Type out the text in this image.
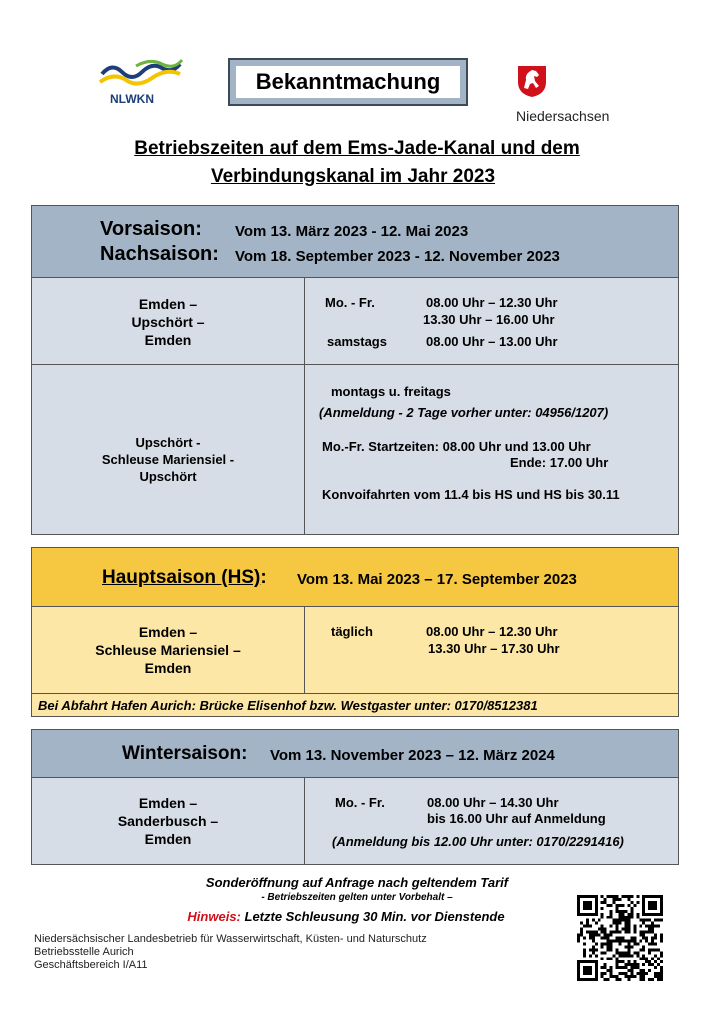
NLWKN
Bekanntmachung
Niedersachsen
Betriebszeiten auf dem Ems-Jade-Kanal und dem
Verbindungskanal im Jahr 2023
Vorsaison: Vom 13. März 2023 - 12. Mai 2023
Nachsaison: Vom 18. September 2023 - 12. November 2023
Emden –
Upschört –
Emden
Mo. - Fr.	08.00 Uhr – 12.30 Uhr
13.30 Uhr – 16.00 Uhr
samstags	08.00 Uhr – 13.00 Uhr
Upschört -
Schleuse Mariensiel -
Upschört
montags u. freitags
(Anmeldung - 2 Tage vorher unter: 04956/1207)
Mo.-Fr. Startzeiten: 08.00 Uhr und 13.00 Uhr
Ende: 17.00 Uhr
Konvoifahrten vom 11.4 bis HS und HS bis 30.11
Hauptsaison (HS): Vom 13. Mai 2023 – 17. September 2023
Emden –
Schleuse Mariensiel –
Emden
täglich	08.00 Uhr – 12.30 Uhr
13.30 Uhr – 17.30 Uhr
Bei Abfahrt Hafen Aurich: Brücke Elisenhof bzw. Westgaster unter: 0170/8512381
Wintersaison: Vom 13. November 2023 – 12. März 2024
Emden –
Sanderbusch –
Emden
Mo. - Fr.	08.00 Uhr – 14.30 Uhr
bis 16.00 Uhr auf Anmeldung
(Anmeldung bis 12.00 Uhr unter: 0170/2291416)
Sonderöffnung auf Anfrage nach geltendem Tarif
- Betriebszeiten gelten unter Vorbehalt –
Hinweis: Letzte Schleusung 30 Min. vor Dienstende
Niedersächsischer Landesbetrieb für Wasserwirtschaft, Küsten- und Naturschutz
Betriebsstelle Aurich
Geschäftsbereich I/A11
